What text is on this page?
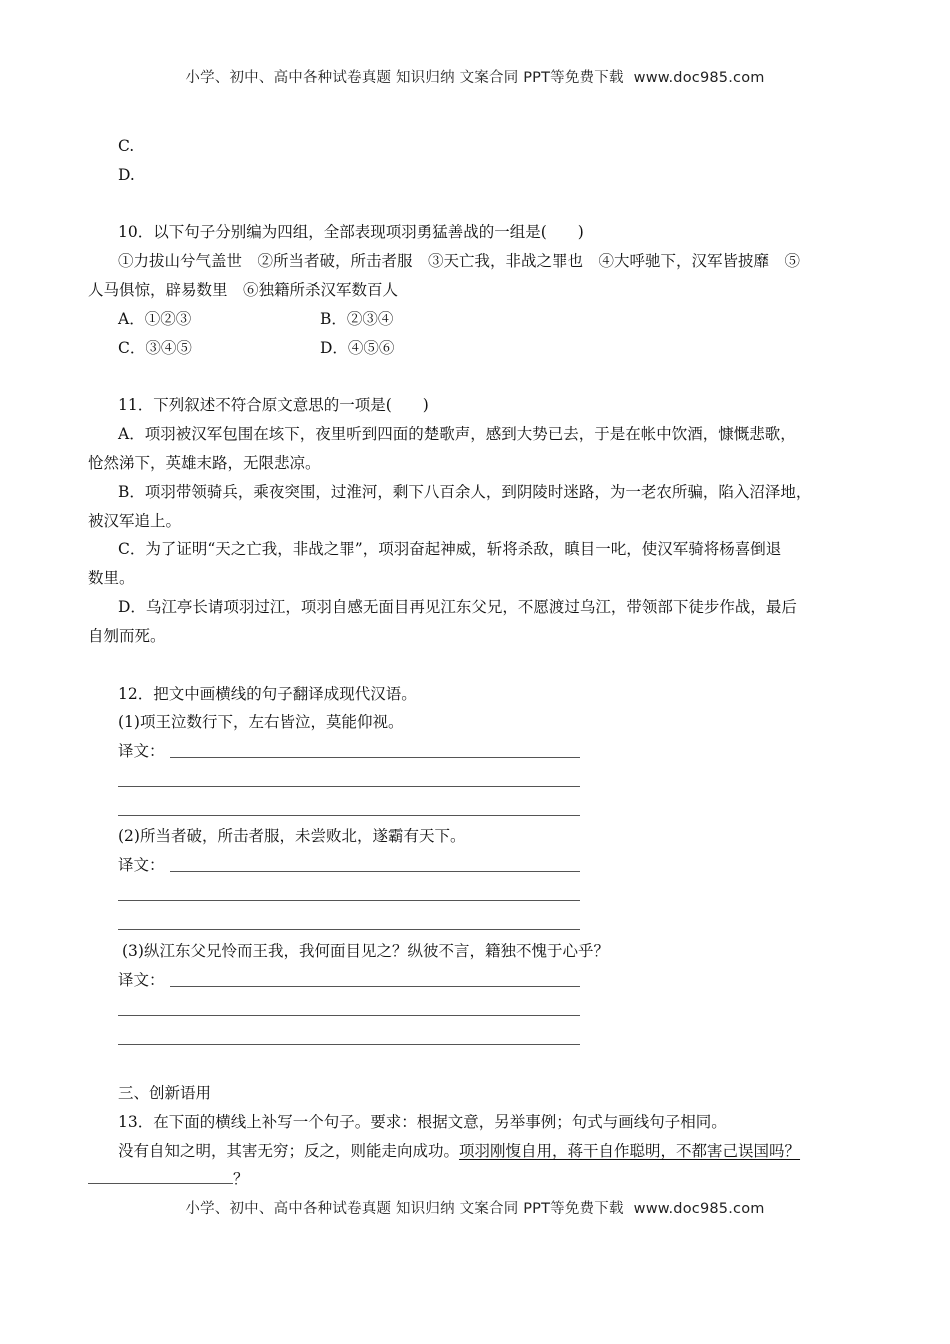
小学、初中、高中各种试卷真题 知识归纳 文案合同 PPT等免费下载 www.doc985.com
C.
D.
10．以下句子分别编为四组，全部表现项羽勇猛善战的一组是(　　)
①力拔山兮气盖世　②所当者破，所击者服　③天亡我，非战之罪也　④大呼驰下，汉军皆披靡　⑤
人马俱惊，辟易数里　⑥独籍所杀汉军数百人
A．①②③	B．②③④
C．③④⑤	D．④⑤⑥
11．下列叙述不符合原文意思的一项是(　　)
A．项羽被汉军包围在垓下，夜里听到四面的楚歌声，感到大势已去，于是在帐中饮酒，慷慨悲歌，
怆然涕下，英雄末路，无限悲凉。
B．项羽带领骑兵，乘夜突围，过淮河，剩下八百余人，到阴陵时迷路，为一老农所骗，陷入沼泽地，
被汉军追上。
C．为了证明“天之亡我，非战之罪”，项羽奋起神威，斩将杀敌，瞋目一叱，使汉军骑将杨喜倒退
数里。
D．乌江亭长请项羽过江，项羽自感无面目再见江东父兄，不愿渡过乌江，带领部下徒步作战，最后
自刎而死。
12．把文中画横线的句子翻译成现代汉语。
(1)项王泣数行下，左右皆泣，莫能仰视。
译文：
(2)所当者破，所击者服，未尝败北，遂霸有天下。
译文：
(3)纵江东父兄怜而王我，我何面目见之？纵彼不言，籍独不愧于心乎？
译文：
三、创新语用
13．在下面的横线上补写一个句子。要求：根据文意，另举事例；句式与画线句子相同。
没有自知之明，其害无穷；反之，则能走向成功。项羽刚愎自用，蒋干自作聪明，不都害己误国吗？
？
小学、初中、高中各种试卷真题 知识归纳 文案合同 PPT等免费下载 www.doc985.com
